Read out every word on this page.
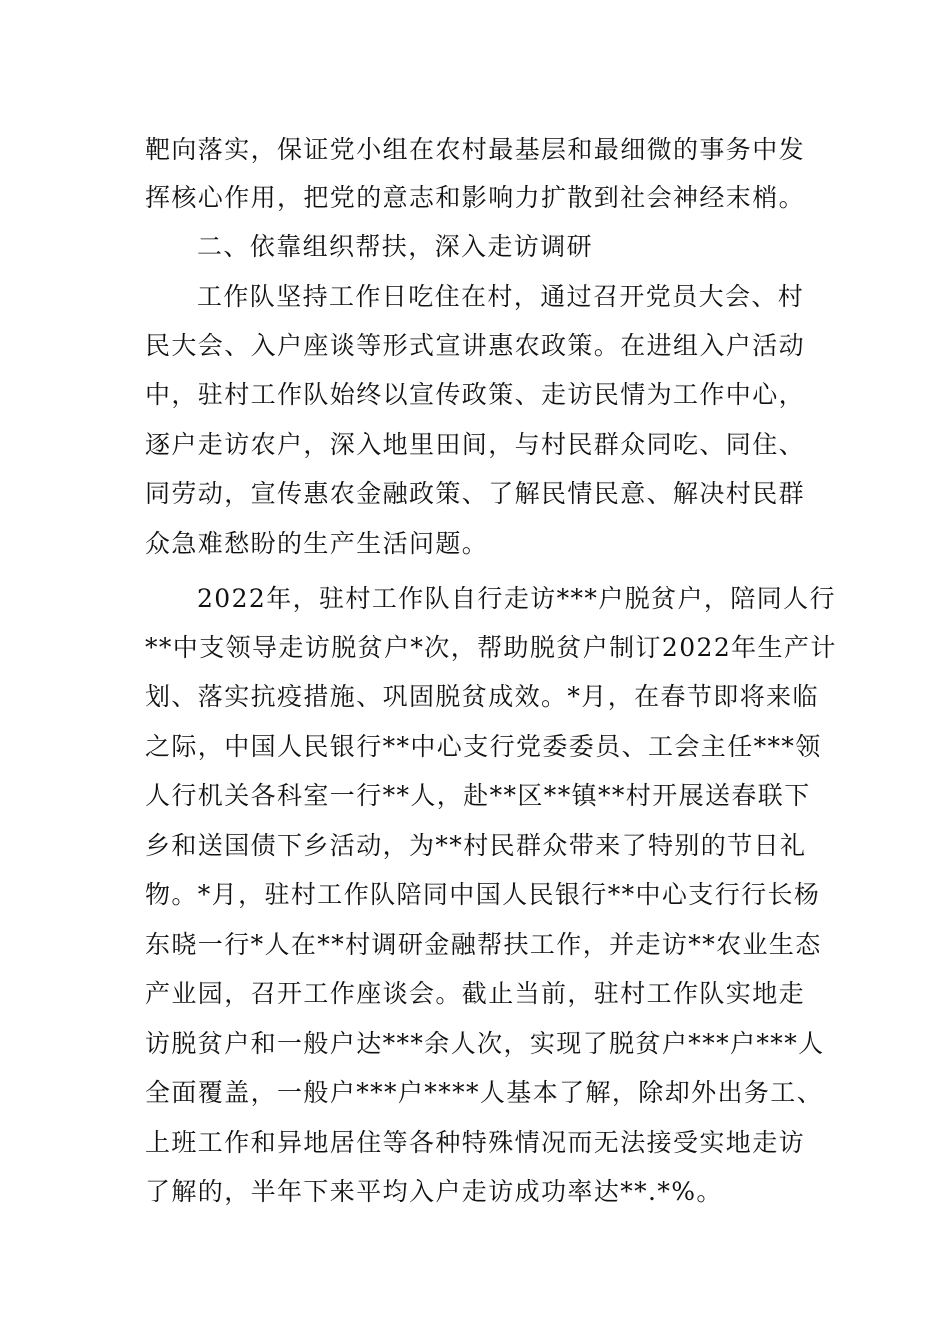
靶向落实，保证党小组在农村最基层和最细微的事务中发
挥核心作用，把党的意志和影响力扩散到社会神经末梢。
二、依靠组织帮扶，深入走访调研
工作队坚持工作日吃住在村，通过召开党员大会、村
民大会、入户座谈等形式宣讲惠农政策。在进组入户活动
中，驻村工作队始终以宣传政策、走访民情为工作中心，
逐户走访农户，深入地里田间，与村民群众同吃、同住、
同劳动，宣传惠农金融政策、了解民情民意、解决村民群
众急难愁盼的生产生活问题。
2022年，驻村工作队自行走访***户脱贫户，陪同人行
**中支领导走访脱贫户*次，帮助脱贫户制订2022年生产计
划、落实抗疫措施、巩固脱贫成效。*月，在春节即将来临
之际，中国人民银行**中心支行党委委员、工会主任***领
人行机关各科室一行**人，赴**区**镇**村开展送春联下
乡和送国债下乡活动，为**村民群众带来了特别的节日礼
物。*月，驻村工作队陪同中国人民银行**中心支行行长杨
东晓一行*人在**村调研金融帮扶工作，并走访**农业生态
产业园，召开工作座谈会。截止当前，驻村工作队实地走
访脱贫户和一般户达***余人次，实现了脱贫户***户***人
全面覆盖，一般户***户****人基本了解，除却外出务工、
上班工作和异地居住等各种特殊情况而无法接受实地走访
了解的，半年下来平均入户走访成功率达**.*%。
